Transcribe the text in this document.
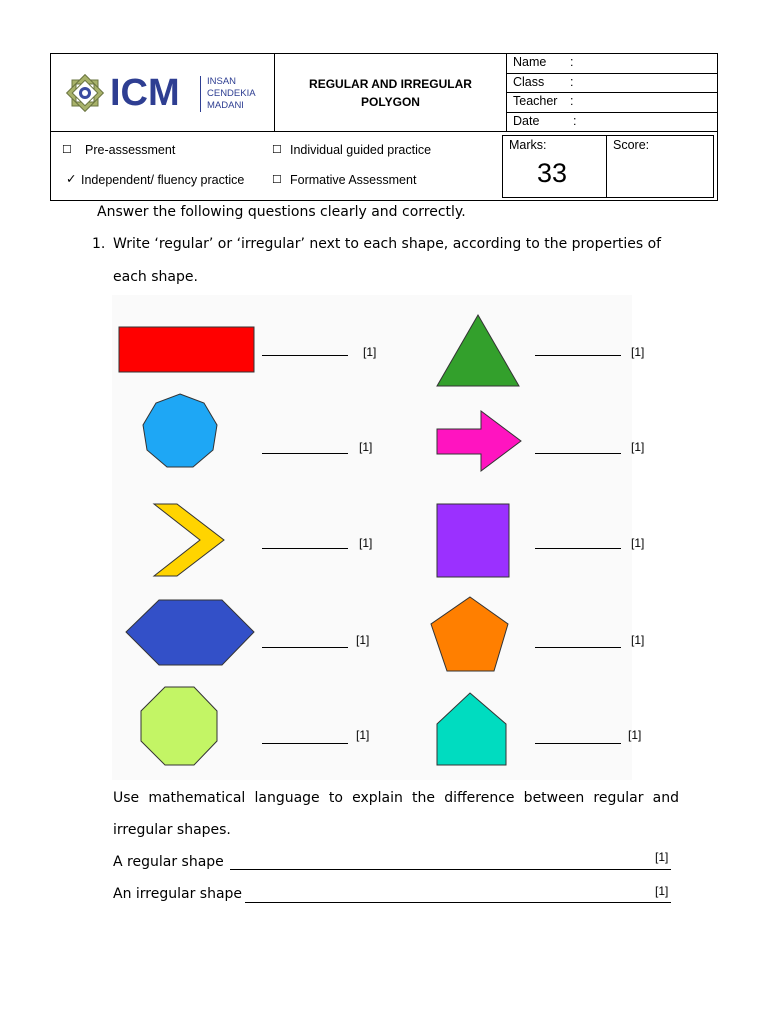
ICM	INSAN
CENDEKIA
MADANI
REGULAR AND IRREGULAR
POLYGON
Name :
Class :
Teacher :
Date	:
☐ Pre-assessment	☐ Individual guided practice
✓ Independent/ fluency practice	☐ Formative Assessment
Marks:
33
Score:
Answer the following questions clearly and correctly.
1. Write ‘regular’ or ‘irregular’ next to each shape, according to the properties of
each shape.
[1]	[1]
[1]	[1]
[1]	[1]
[1]	[1]
[1]	[1]
Use mathematical language to explain the difference between regular and
irregular shapes.
A regular shape	[1]
An irregular shape	[1]
